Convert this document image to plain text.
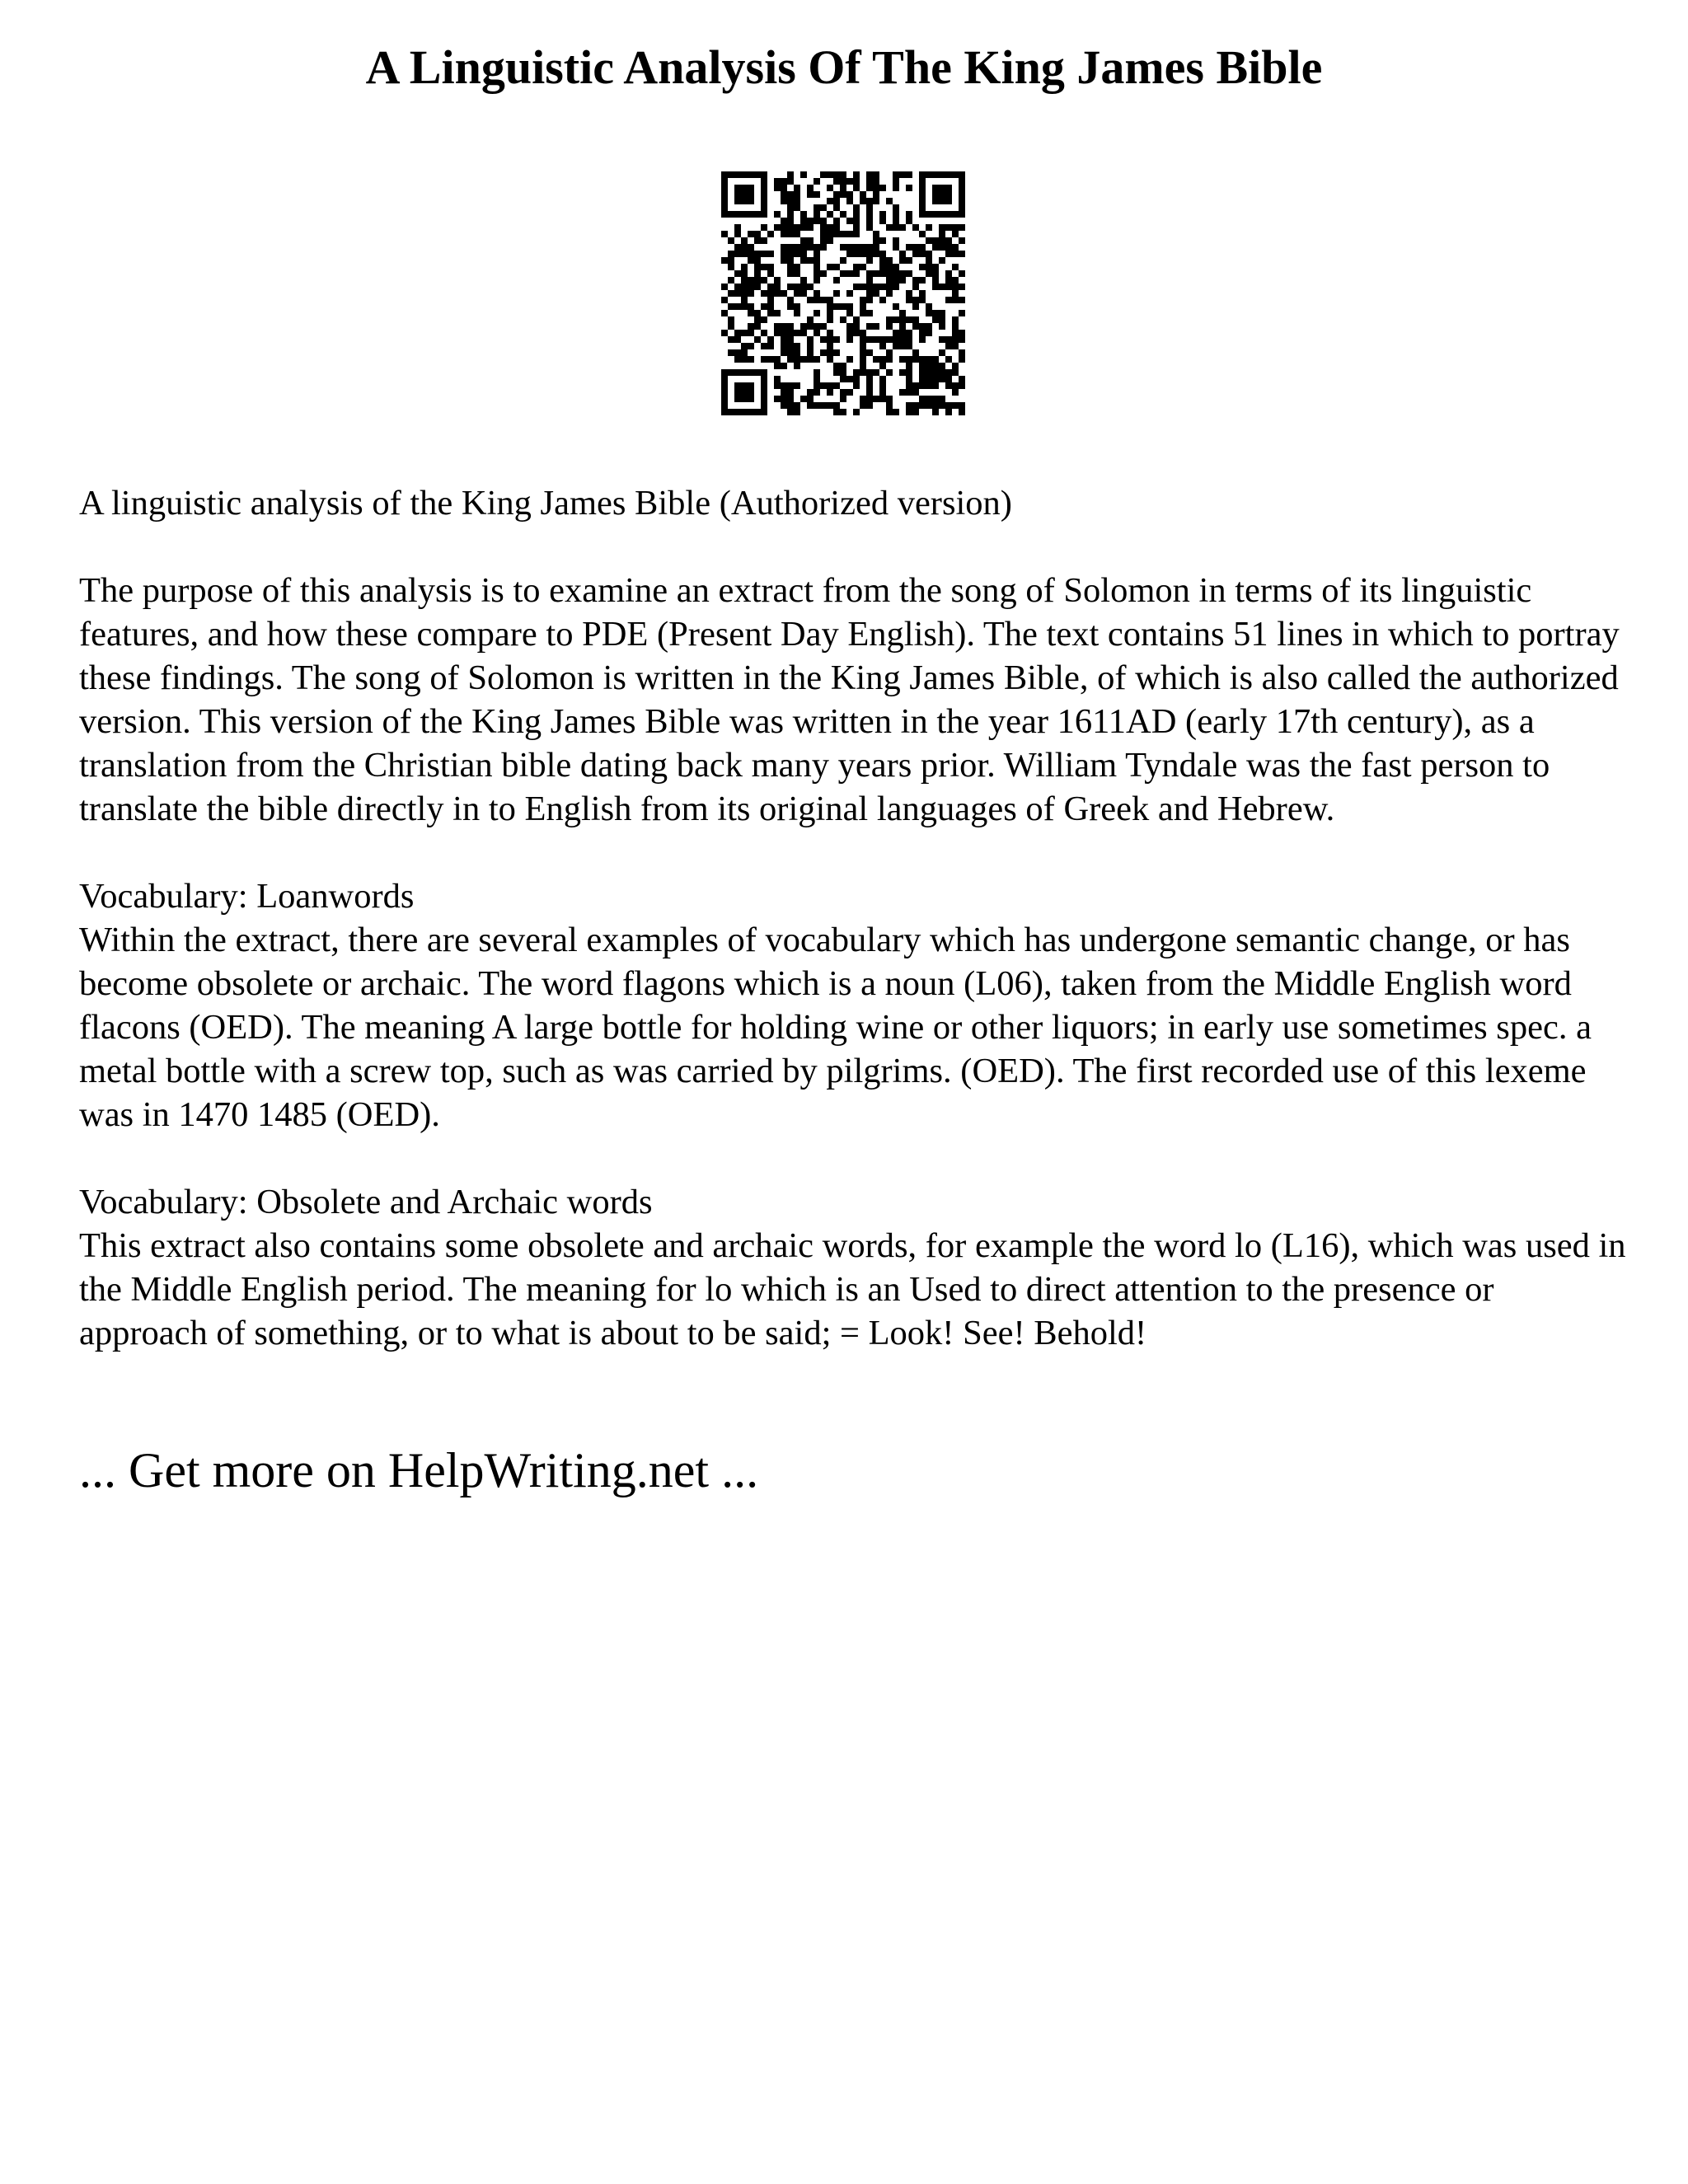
A Linguistic Analysis Of The King James Bible

A linguistic analysis of the King James Bible (Authorized version)

The purpose of this analysis is to examine an extract from the song of Solomon in terms of its linguistic features, and how these compare to PDE (Present Day English). The text contains 51 lines in which to portray these findings. The song of Solomon is written in the King James Bible, of which is also called the authorized version. This version of the King James Bible was written in the year 1611AD (early 17th century), as a translation from the Christian bible dating back many years prior. William Tyndale was the fast person to translate the bible directly in to English from its original languages of Greek and Hebrew.

Vocabulary: Loanwords

Within the extract, there are several examples of vocabulary which has undergone semantic change, or has become obsolete or archaic. The word flagons which is a noun (L06), taken from the Middle English word flacons (OED). The meaning A large bottle for holding wine or other liquors; in early use sometimes spec. a metal bottle with a screw top, such as was carried by pilgrims. (OED). The first recorded use of this lexeme was in 1470 1485 (OED).

Vocabulary: Obsolete and Archaic words

This extract also contains some obsolete and archaic words, for example the word lo (L16), which was used in the Middle English period. The meaning for lo which is an Used to direct attention to the presence or approach of something, or to what is about to be said; = Look! See! Behold!

... Get more on HelpWriting.net ...
